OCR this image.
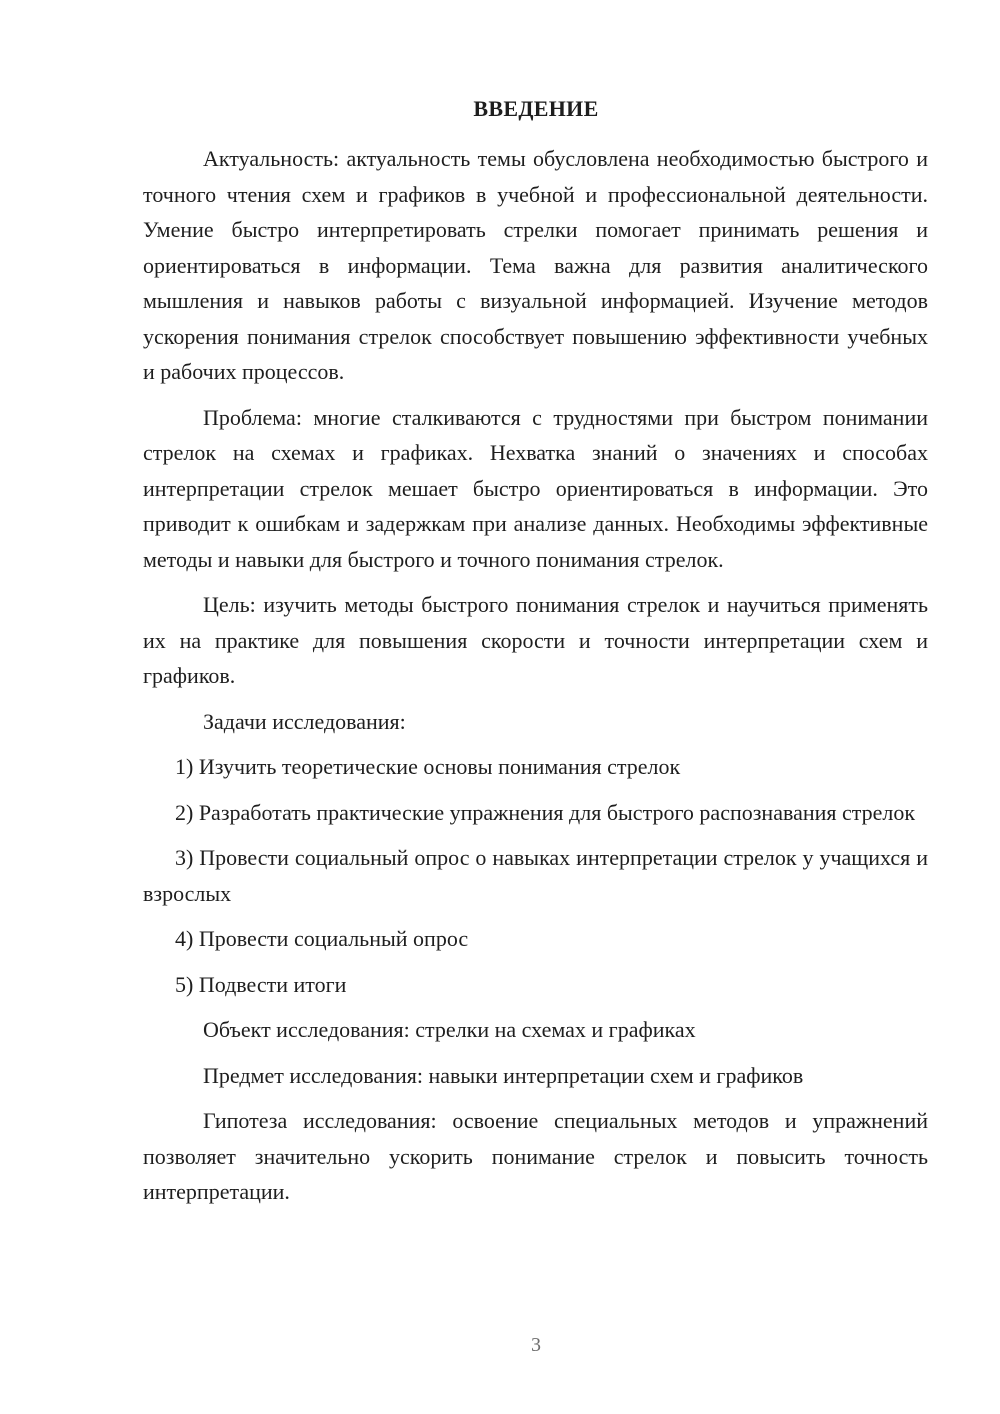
ВВЕДЕНИЕ

Актуальность: актуальность темы обусловлена необходимостью быстрого и точного чтения схем и графиков в учебной и профессиональной деятельности. Умение быстро интерпретировать стрелки помогает принимать решения и ориентироваться в информации. Тема важна для развития аналитического мышления и навыков работы с визуальной информацией. Изучение методов ускорения понимания стрелок способствует повышению эффективности учебных и рабочих процессов.

Проблема: многие сталкиваются с трудностями при быстром понимании стрелок на схемах и графиках. Нехватка знаний о значениях и способах интерпретации стрелок мешает быстро ориентироваться в информации. Это приводит к ошибкам и задержкам при анализе данных. Необходимы эффективные методы и навыки для быстрого и точного понимания стрелок.

Цель: изучить методы быстрого понимания стрелок и научиться применять их на практике для повышения скорости и точности интерпретации схем и графиков.

Задачи исследования:

1) Изучить теоретические основы понимания стрелок

2) Разработать практические упражнения для быстрого распознавания стрелок

3) Провести социальный опрос о навыках интерпретации стрелок у учащихся и взрослых

4) Провести социальный опрос

5) Подвести итоги

Объект исследования: стрелки на схемах и графиках

Предмет исследования: навыки интерпретации схем и графиков

Гипотеза исследования: освоение специальных методов и упражнений позволяет значительно ускорить понимание стрелок и повысить точность интерпретации.

3
